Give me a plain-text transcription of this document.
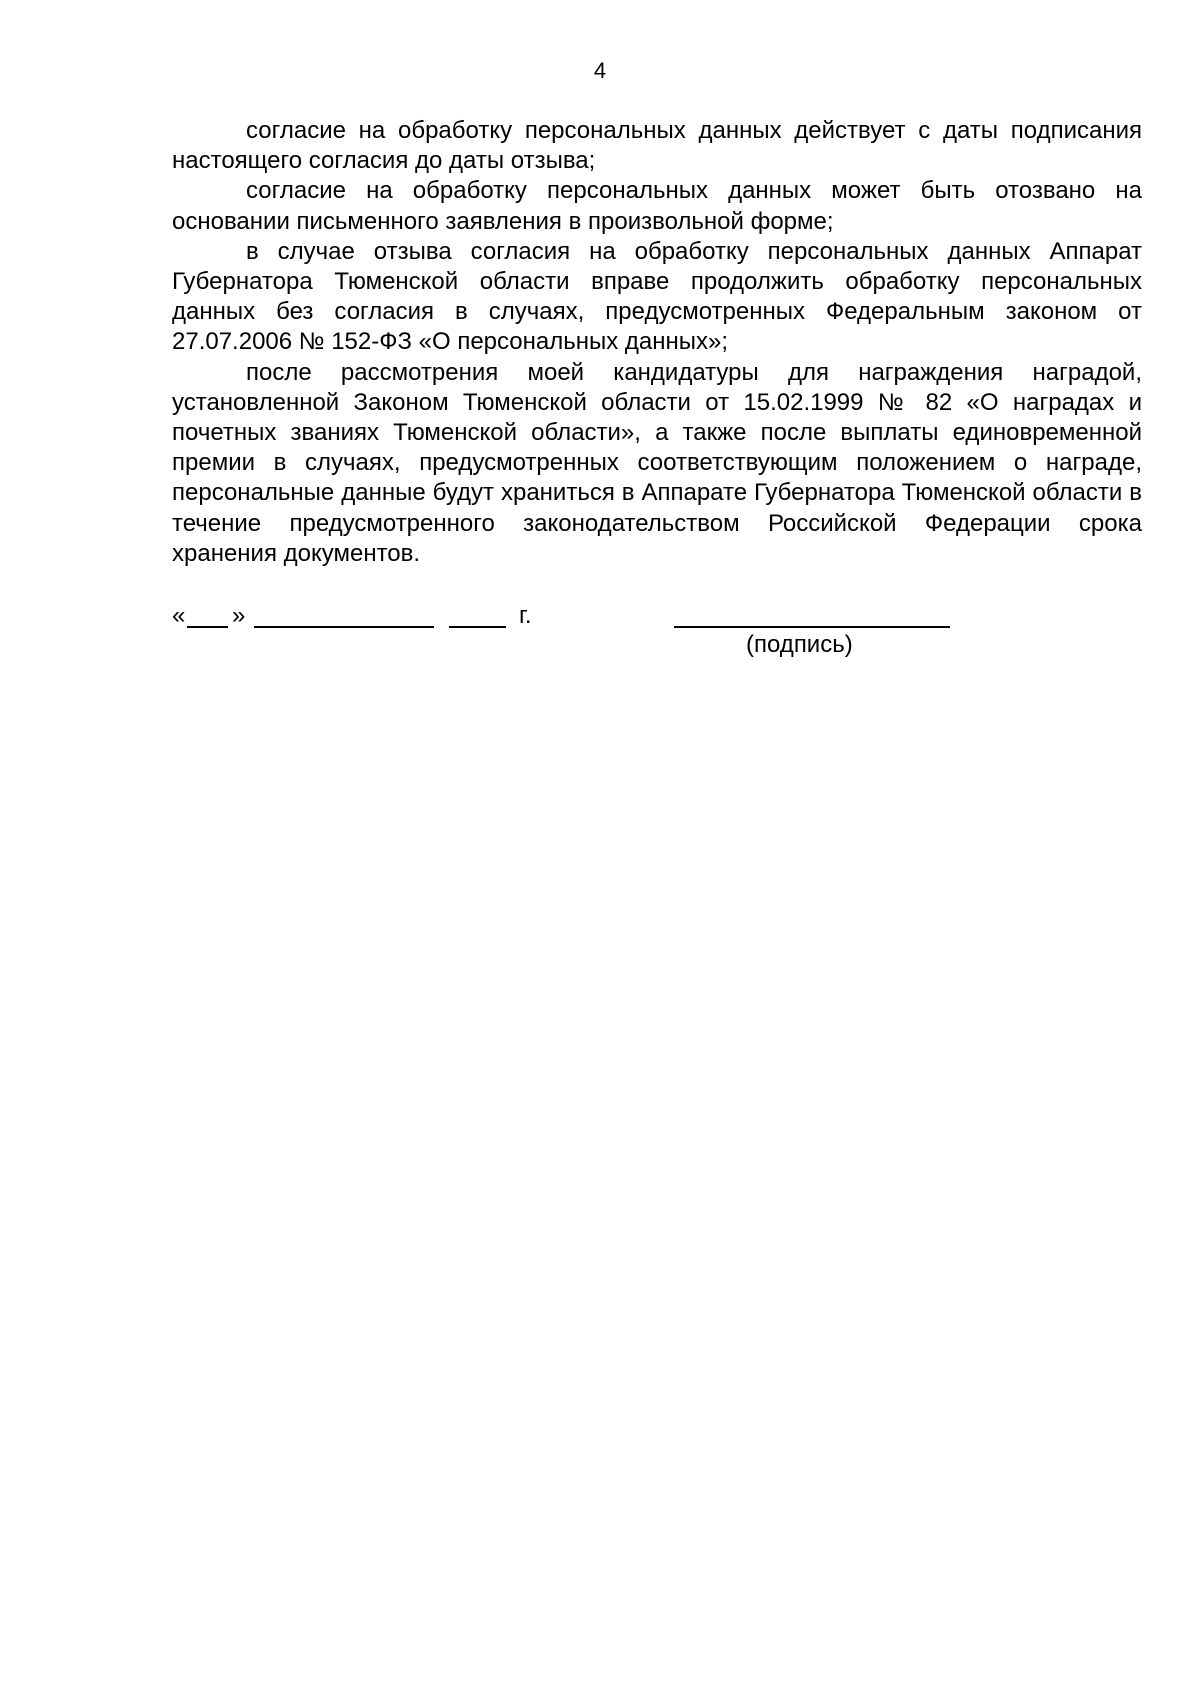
4

согласие на обработку персональных данных действует с даты подписания настоящего согласия до даты отзыва;

согласие на обработку персональных данных может быть отозвано на основании письменного заявления в произвольной форме;

в случае отзыва согласия на обработку персональных данных Аппарат Губернатора Тюменской области вправе продолжить обработку персональных данных без согласия в случаях, предусмотренных Федеральным законом от 27.07.2006 № 152-ФЗ «О персональных данных»;

после рассмотрения моей кандидатуры для награждения наградой, установленной Законом Тюменской области от 15.02.1999 № 82 «О наградах и почетных званиях Тюменской области», а также после выплаты единовременной премии в случаях, предусмотренных соответствующим положением о награде, персональные данные будут храниться в Аппарате Губернатора Тюменской области в течение предусмотренного законодательством Российской Федерации срока хранения документов.

« »	г.
(подпись)
